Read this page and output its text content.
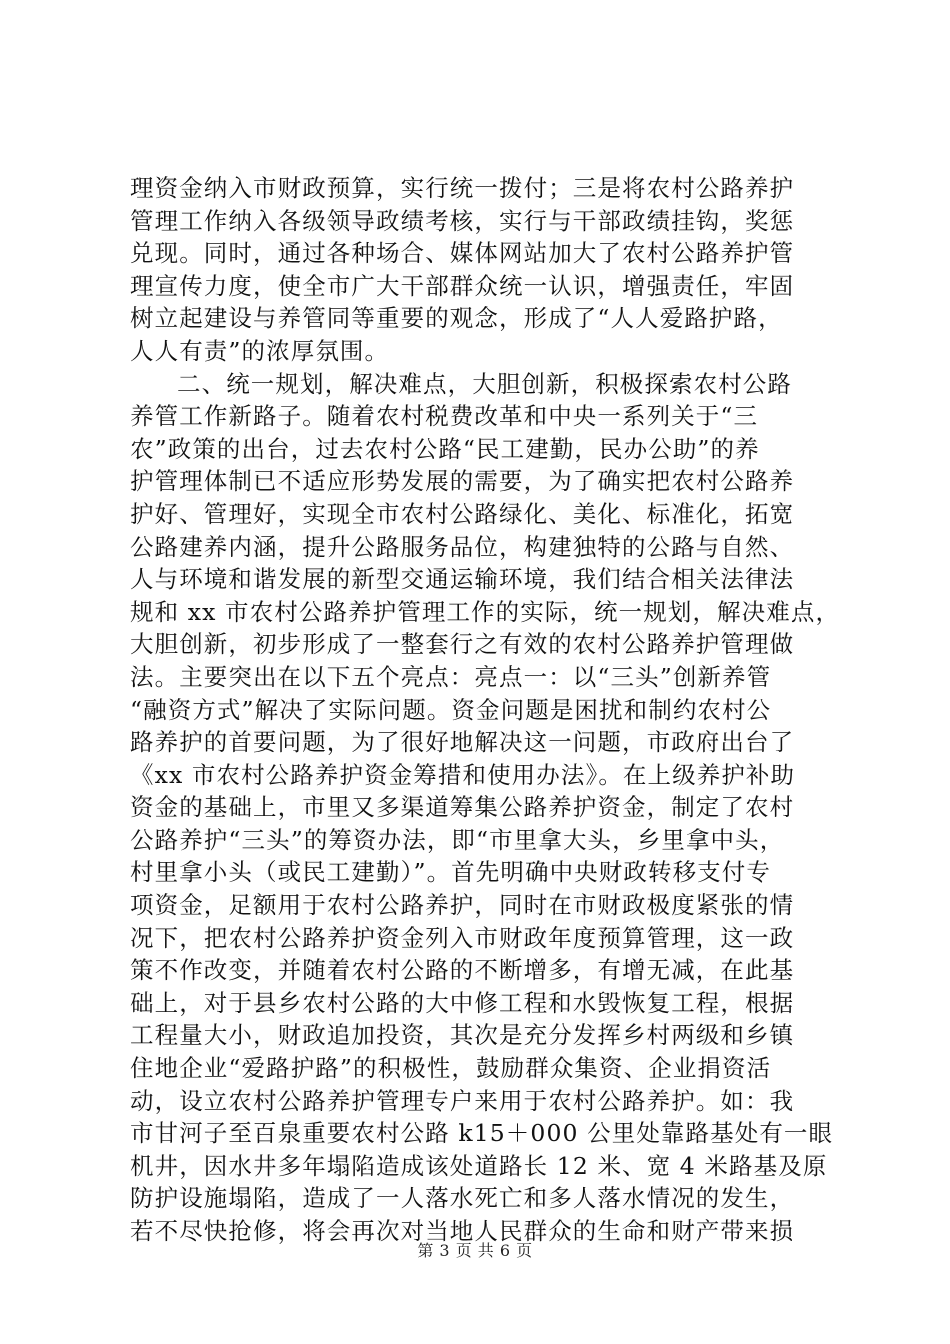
理资金纳入市财政预算，实行统一拨付；三是将农村公路养护
管理工作纳入各级领导政绩考核，实行与干部政绩挂钩，奖惩
兑现。同时，通过各种场合、媒体网站加大了农村公路养护管
理宣传力度，使全市广大干部群众统一认识，增强责任，牢固
树立起建设与养管同等重要的观念，形成了“人人爱路护路，
人人有责”的浓厚氛围。
二、统一规划，解决难点，大胆创新，积极探索农村公路
养管工作新路子。随着农村税费改革和中央一系列关于“三
农”政策的出台，过去农村公路“民工建勤，民办公助”的养
护管理体制已不适应形势发展的需要，为了确实把农村公路养
护好、管理好，实现全市农村公路绿化、美化、标准化，拓宽
公路建养内涵，提升公路服务品位，构建独特的公路与自然、
人与环境和谐发展的新型交通运输环境，我们结合相关法律法
规和 xx 市农村公路养护管理工作的实际，统一规划，解决难点，
大胆创新，初步形成了一整套行之有效的农村公路养护管理做
法。主要突出在以下五个亮点：亮点一：以“三头”创新养管
“融资方式”解决了实际问题。资金问题是困扰和制约农村公
路养护的首要问题，为了很好地解决这一问题，市政府出台了
《xx 市农村公路养护资金筹措和使用办法》。在上级养护补助
资金的基础上，市里又多渠道筹集公路养护资金，制定了农村
公路养护“三头”的筹资办法，即“市里拿大头，乡里拿中头，
村里拿小头（或民工建勤）”。首先明确中央财政转移支付专
项资金，足额用于农村公路养护，同时在市财政极度紧张的情
况下，把农村公路养护资金列入市财政年度预算管理，这一政
策不作改变，并随着农村公路的不断增多，有增无减，在此基
础上，对于县乡农村公路的大中修工程和水毁恢复工程，根据
工程量大小，财政追加投资，其次是充分发挥乡村两级和乡镇
住地企业“爱路护路”的积极性，鼓励群众集资、企业捐资活
动，设立农村公路养护管理专户来用于农村公路养护。如：我
市甘河子至百泉重要农村公路 k15＋000 公里处靠路基处有一眼
机井，因水井多年塌陷造成该处道路长 12 米、宽 4 米路基及原
防护设施塌陷，造成了一人落水死亡和多人落水情况的发生，
若不尽快抢修，将会再次对当地人民群众的生命和财产带来损
第 3 页 共 6 页
